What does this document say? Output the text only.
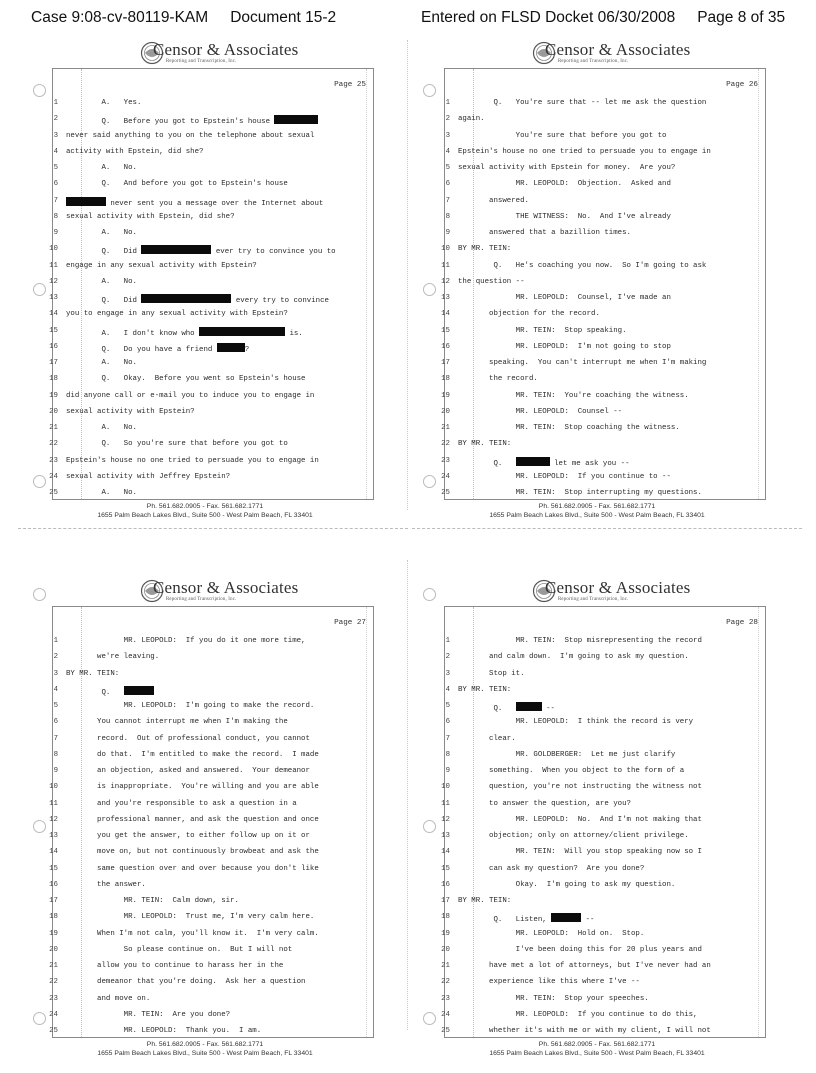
Case 9:08-cv-80119-KAM Document 15-2	Entered on FLSD Docket 06/30/2008 Page 8 of 35
Censor & Associates
Reporting and Transcription, Inc.
Page 25
1 A.   Yes.
2 Q.   Before you got to Epstein's house
3 never said anything to you on the telephone about sexual
4 activity with Epstein, did she?
5 A.   No.
6 Q.   And before you got to Epstein's house
7	never sent you a message over the Internet about
8 sexual activity with Epstein, did she?
9 A.   No.
10 Q.   Did	ever try to convince you to
11 engage in any sexual activity with Epstein?
12 A.   No.
13 Q.   Did	every try to convince
14 you to engage in any sexual activity with Epstein?
15 A.   I don't know who	is.
16 Q.   Do you have a friend	?
17 A.   No.
18 Q.   Okay.  Before you went so Epstein's house
19 did anyone call or e-mail you to induce you to engage in
20 sexual activity with Epstein?
21 A.   No.
22 Q.   So you're sure that before you got to
23 Epstein's house no one tried to persuade you to engage in
24 sexual activity with Jeffrey Epstein?
25 A.   No.
Ph. 561.682.0905 - Fax. 561.682.1771
1655 Palm Beach Lakes Blvd., Suite 500 - West Palm Beach, FL 33401
Censor & Associates
Reporting and Transcription, Inc.
Page 26
1 Q.   You're sure that -- let me ask the question
2 again.
3 You're sure that before you got to
4 Epstein's house no one tried to persuade you to engage in
5 sexual activity with Epstein for money.  Are you?
6 MR. LEOPOLD:  Objection.  Asked and
7 answered.
8 THE WITNESS:  No.  And I've already
9 answered that a bazillion times.
10 BY MR. TEIN:
11 Q.   He's coaching you now.  So I'm going to ask
12 the question --
13 MR. LEOPOLD:  Counsel, I've made an
14 objection for the record.
15 MR. TEIN:  Stop speaking.
16 MR. LEOPOLD:  I'm not going to stop
17 speaking.  You can't interrupt me when I'm making
18 the record.
19 MR. TEIN:  You're coaching the witness.
20 MR. LEOPOLD:  Counsel --
21 MR. TEIN:  Stop coaching the witness.
22 BY MR. TEIN:
23 Q.	let me ask you --
24 MR. LEOPOLD:  If you continue to --
25 MR. TEIN:  Stop interrupting my questions.
Ph. 561.682.0905 - Fax. 561.682.1771
1655 Palm Beach Lakes Blvd., Suite 500 - West Palm Beach, FL 33401
Censor & Associates
Reporting and Transcription, Inc.
Page 27
1 MR. LEOPOLD:  If you do it one more time,
2 we're leaving.
3 BY MR. TEIN:
4 Q.
5 MR. LEOPOLD:  I'm going to make the record.
6 You cannot interrupt me when I'm making the
7 record.  Out of professional conduct, you cannot
8 do that.  I'm entitled to make the record.  I made
9 an objection, asked and answered.  Your demeanor
10 is inappropriate.  You're willing and you are able
11 and you're responsible to ask a question in a
12 professional manner, and ask the question and once
13 you get the answer, to either follow up on it or
14 move on, but not continuously browbeat and ask the
15 same question over and over because you don't like
16 the answer.
17 MR. TEIN:  Calm down, sir.
18 MR. LEOPOLD:  Trust me, I'm very calm here.
19 When I'm not calm, you'll know it.  I'm very calm.
20 So please continue on.  But I will not
21 allow you to continue to harass her in the
22 demeanor that you're doing.  Ask her a question
23 and move on.
24 MR. TEIN:  Are you done?
25 MR. LEOPOLD:  Thank you.  I am.
Ph. 561.682.0905 - Fax. 561.682.1771
1655 Palm Beach Lakes Blvd., Suite 500 - West Palm Beach, FL 33401
Censor & Associates
Reporting and Transcription, Inc.
Page 28
1 MR. TEIN:  Stop misrepresenting the record
2 and calm down.  I'm going to ask my question.
3 Stop it.
4 BY MR. TEIN:
5 Q.	--
6 MR. LEOPOLD:  I think the record is very
7 clear.
8 MR. GOLDBERGER:  Let me just clarify
9 something.  When you object to the form of a
10 question, you're not instructing the witness not
11 to answer the question, are you?
12 MR. LEOPOLD:  No.  And I'm not making that
13 objection; only on attorney/client privilege.
14 MR. TEIN:  Will you stop speaking now so I
15 can ask my question?  Are you done?
16 Okay.  I'm going to ask my question.
17 BY MR. TEIN:
18 Q.   Listen,	--
19 MR. LEOPOLD:  Hold on.  Stop.
20 I've been doing this for 20 plus years and
21 have met a lot of attorneys, but I've never had an
22 experience like this where I've --
23 MR. TEIN:  Stop your speeches.
24 MR. LEOPOLD:  If you continue to do this,
25 whether it's with me or with my client, I will not
Ph. 561.682.0905 - Fax. 561.682.1771
1655 Palm Beach Lakes Blvd., Suite 500 - West Palm Beach, FL 33401
